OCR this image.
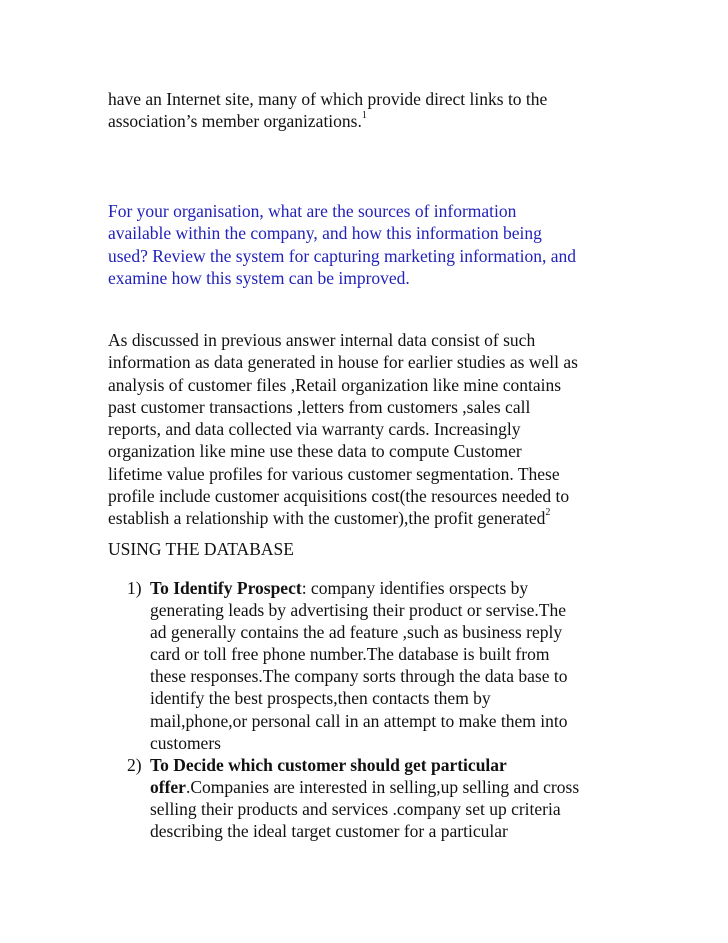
have an Internet site, many of which provide direct links to the
association’s member organizations.$^1$
For your organisation, what are the sources of information
available within the company, and how this information being
used? Review the system for capturing marketing information, and
examine how this system can be improved.
As discussed in previous answer internal data consist of such
information as data generated in house for earlier studies as well as
analysis of customer files ,Retail organization like mine contains
past customer transactions ,letters from customers ,sales call
reports, and data collected via warranty cards. Increasingly
organization like mine use these data to compute Customer
lifetime value profiles for various customer segmentation. These
profile include customer acquisitions cost(the resources needed to
establish a relationship with the customer),the profit generated$^2$
USING THE DATABASE
1) To Identify Prospect: company identifies orspects by
generating leads by advertising their product or servise.The
ad generally contains the ad feature ,such as business reply
card or toll free phone number.The database is built from
these responses.The company sorts through the data base to
identify the best prospects,then contacts them by
mail,phone,or personal call in an attempt to make them into
customers
2) To Decide which customer should get particular
offer.Companies are interested in selling,up selling and cross
selling their products and services .company set up criteria
describing the ideal target customer for a particular
